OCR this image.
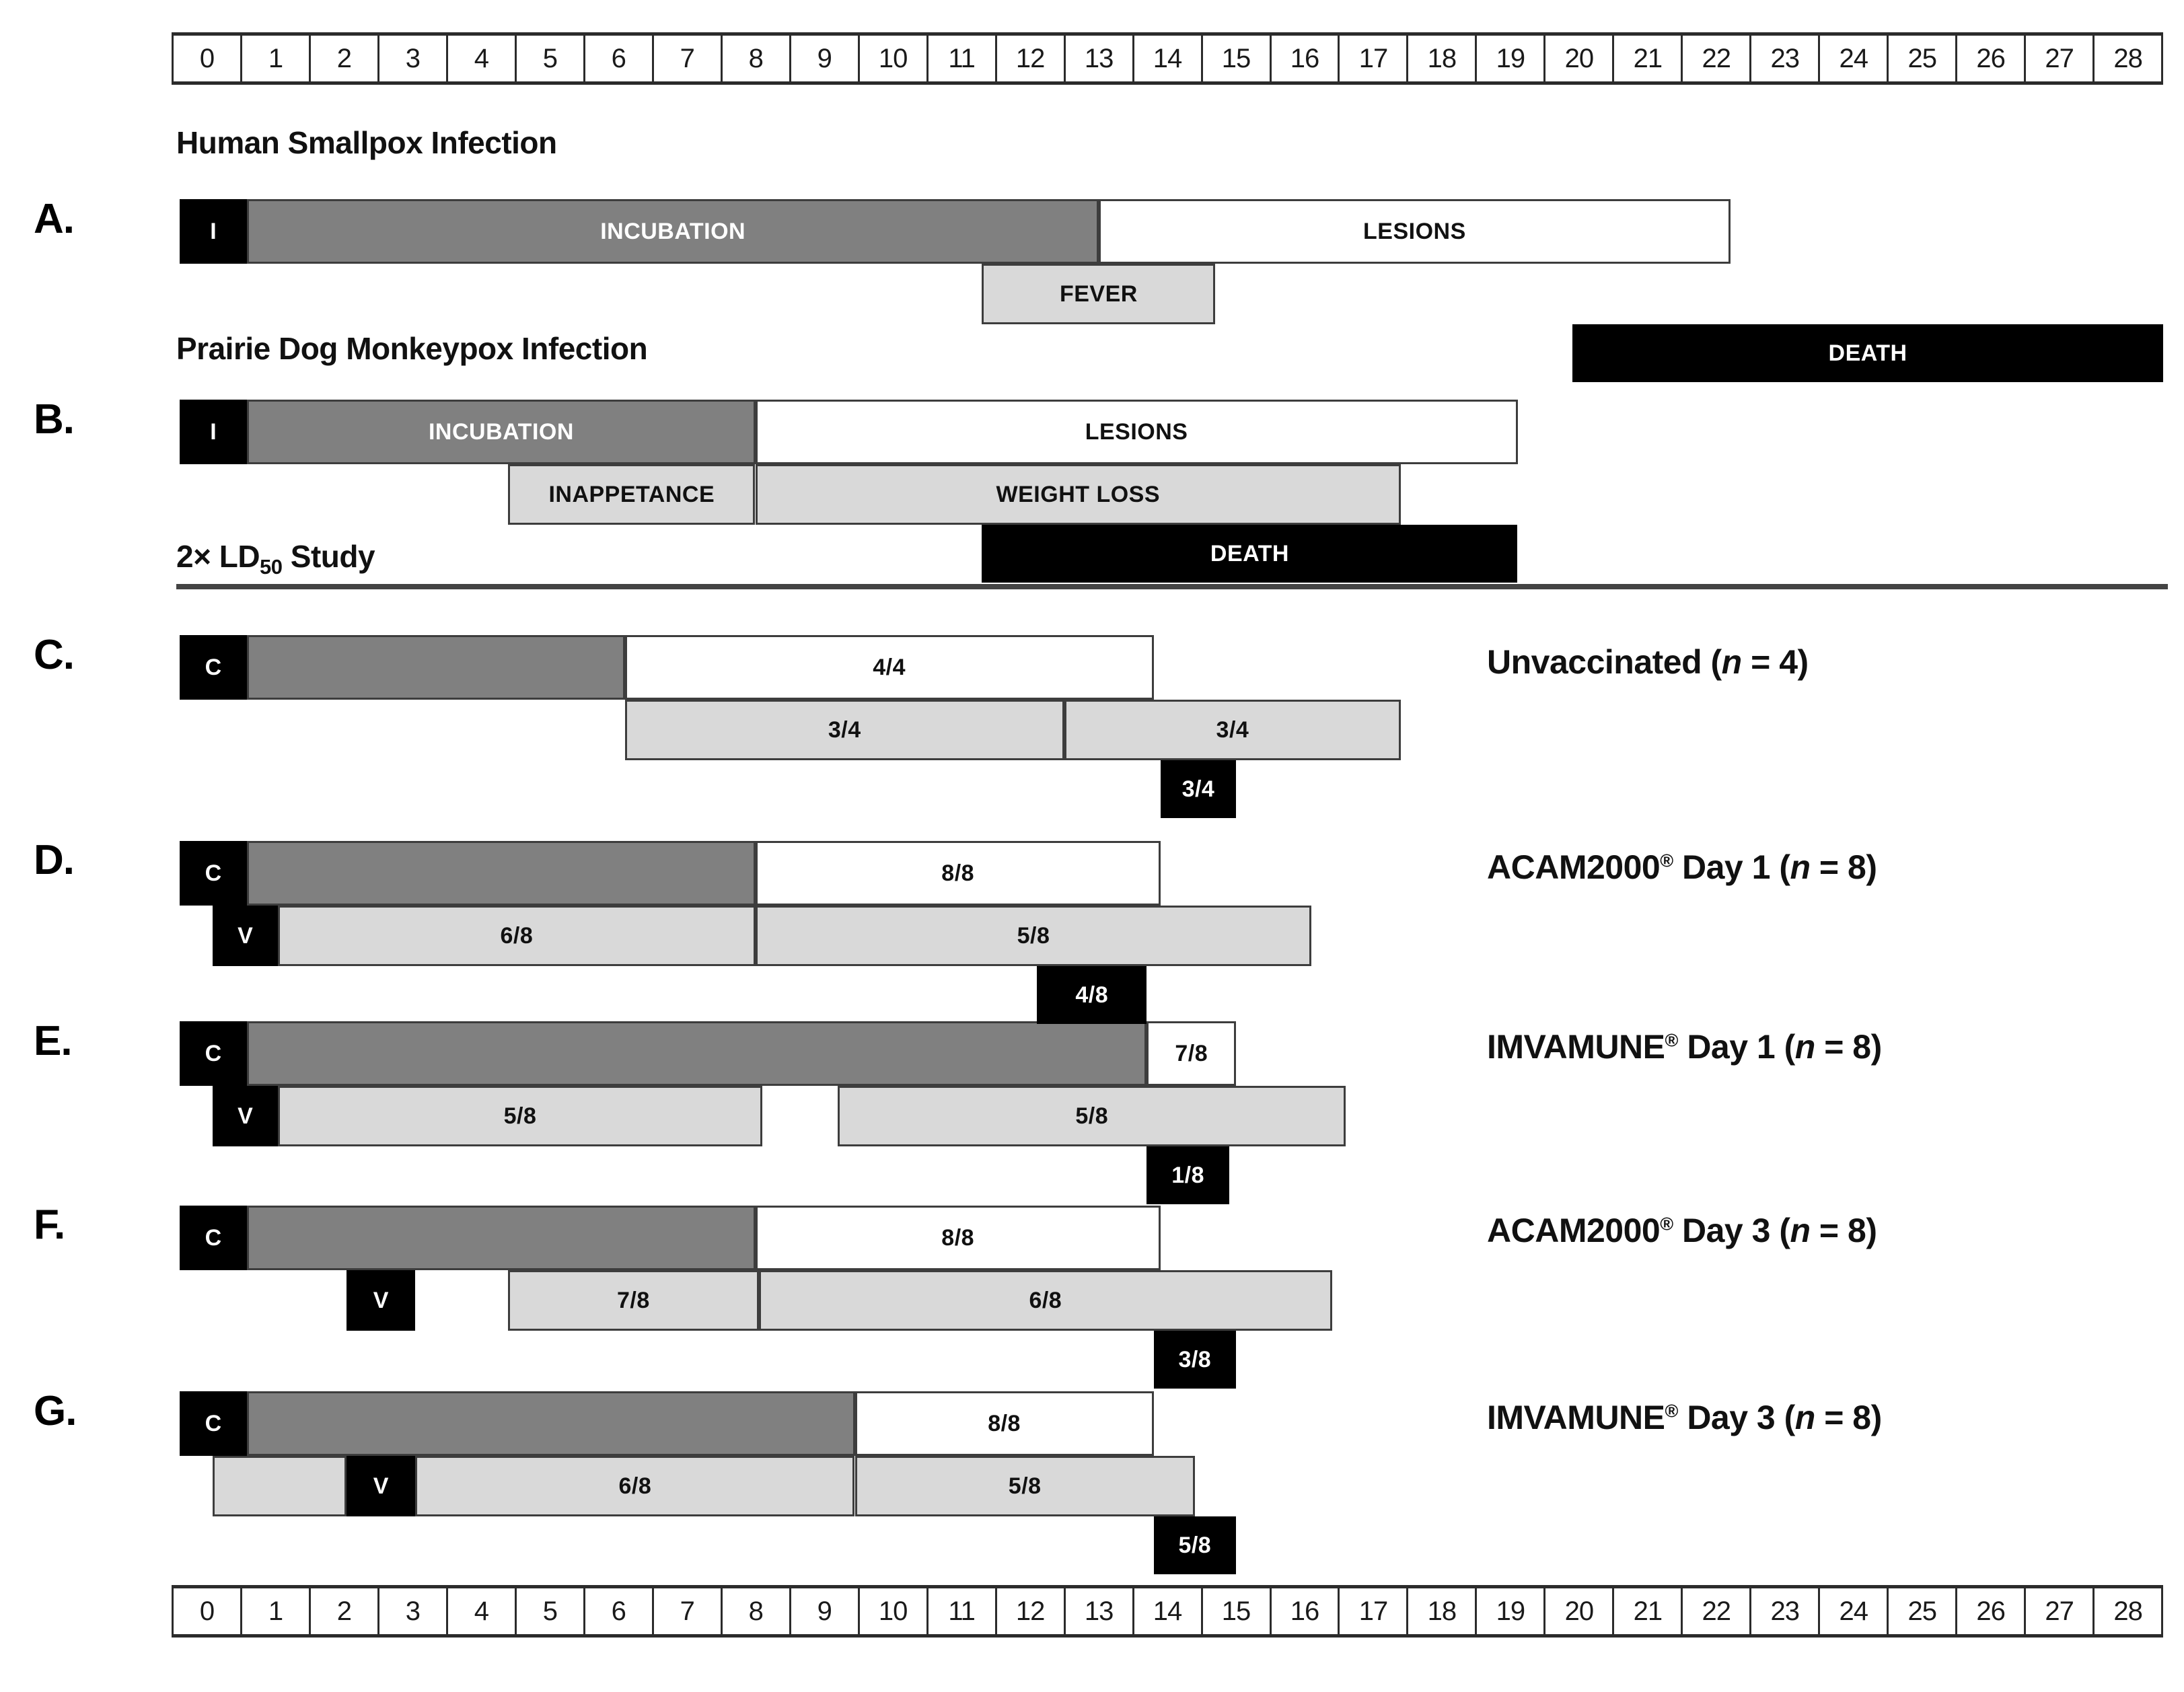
0	1	2	3	4	5	6	7	8	9	10	11	12	13	14	15	16	17	18	19	20	21	22	23	24	25	26	27	28
Human Smallpox Infection
Prairie Dog Monkeypox Infection
$2\times LD_{50}$ Study
A.
B.
C.
D.
E.
F.
G.
I	INCUBATION	LESIONS
FEVER
DEATH
I	INCUBATION	LESIONS
INAPPETANCE	WEIGHT LOSS
DEATH
C	4/4
3/4	3/4
3/4
C	8/8
V	6/8	5/8
4/8
C	7/8
V	5/8	5/8
1/8
C	8/8
V	7/8	6/8
3/8
C	8/8
V	6/8	5/8
5/8
Unvaccinated (n = 4)
ACAM2000® Day 1 (n = 8)
IMVAMUNE® Day 1 (n = 8)
ACAM2000® Day 3 (n = 8)
IMVAMUNE® Day 3 (n = 8)
0	1	2	3	4	5	6	7	8	9	10	11	12	13	14	15	16	17	18	19	20	21	22	23	24	25	26	27	28
